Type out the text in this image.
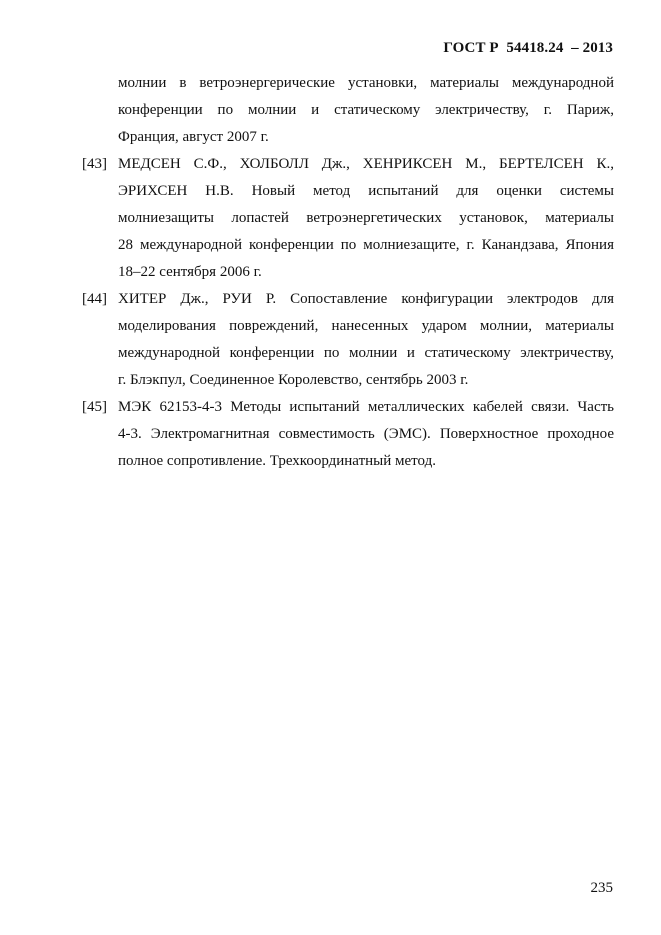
ГОСТ Р  54418.24  – 2013
молнии в ветроэнергерические установки, материалы международной
конференции по молнии и статическому электричеству, г. Париж,
Франция, август 2007 г.
[43] МЕДСЕН С.Ф., ХОЛБОЛЛ Дж., ХЕНРИКСЕН М., БЕРТЕЛСЕН К.,
ЭРИХСЕН Н.В. Новый метод испытаний для оценки системы
молниезащиты лопастей ветроэнергетических установок, материалы
28 международной конференции по молниезащите, г. Канандзава, Япония
18–22 сентября 2006 г.
[44] ХИТЕР Дж., РУИ Р. Сопоставление конфигурации электродов для
моделирования повреждений, нанесенных ударом молнии, материалы
международной конференции по молнии и статическому электричеству,
г. Блэкпул, Соединенное Королевство, сентябрь 2003 г.
[45] МЭК 62153-4-3 Методы испытаний металлических кабелей связи. Часть
4-3. Электромагнитная совместимость (ЭМС). Поверхностное проходное
полное сопротивление. Трехкоординатный метод.
235
